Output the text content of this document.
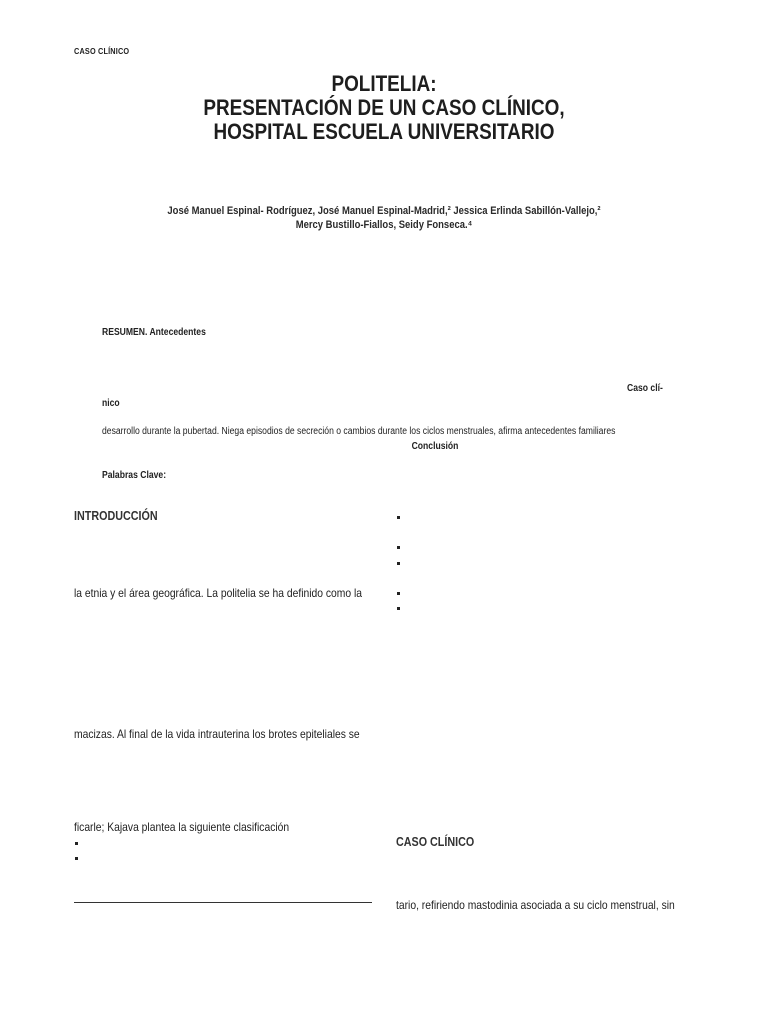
CASO CLÍNICO
POLITELIA:
PRESENTACIÓN DE UN CASO CLÍNICO,
HOSPITAL ESCUELA UNIVERSITARIO
José Manuel Espinal- Rodríguez, José Manuel Espinal-Madrid,² Jessica Erlinda Sabillón-Vallejo,²
Mercy Bustillo-Fiallos, Seidy Fonseca.⁴
RESUMEN. Antecedentes
Caso clí-
nico
desarrollo durante la pubertad. Niega episodios de secreción o cambios durante los ciclos menstruales, afirma antecedentes familiares
Conclusión
Palabras Clave:
INTRODUCCIÓN
la etnia y el área geográfica. La politelia se ha definido como la
macizas. Al final de la vida intrauterina los brotes epiteliales se
ficarle; Kajava plantea la siguiente clasificación
CASO CLÍNICO
tario, refiriendo mastodinia asociada a su ciclo menstrual, sin
